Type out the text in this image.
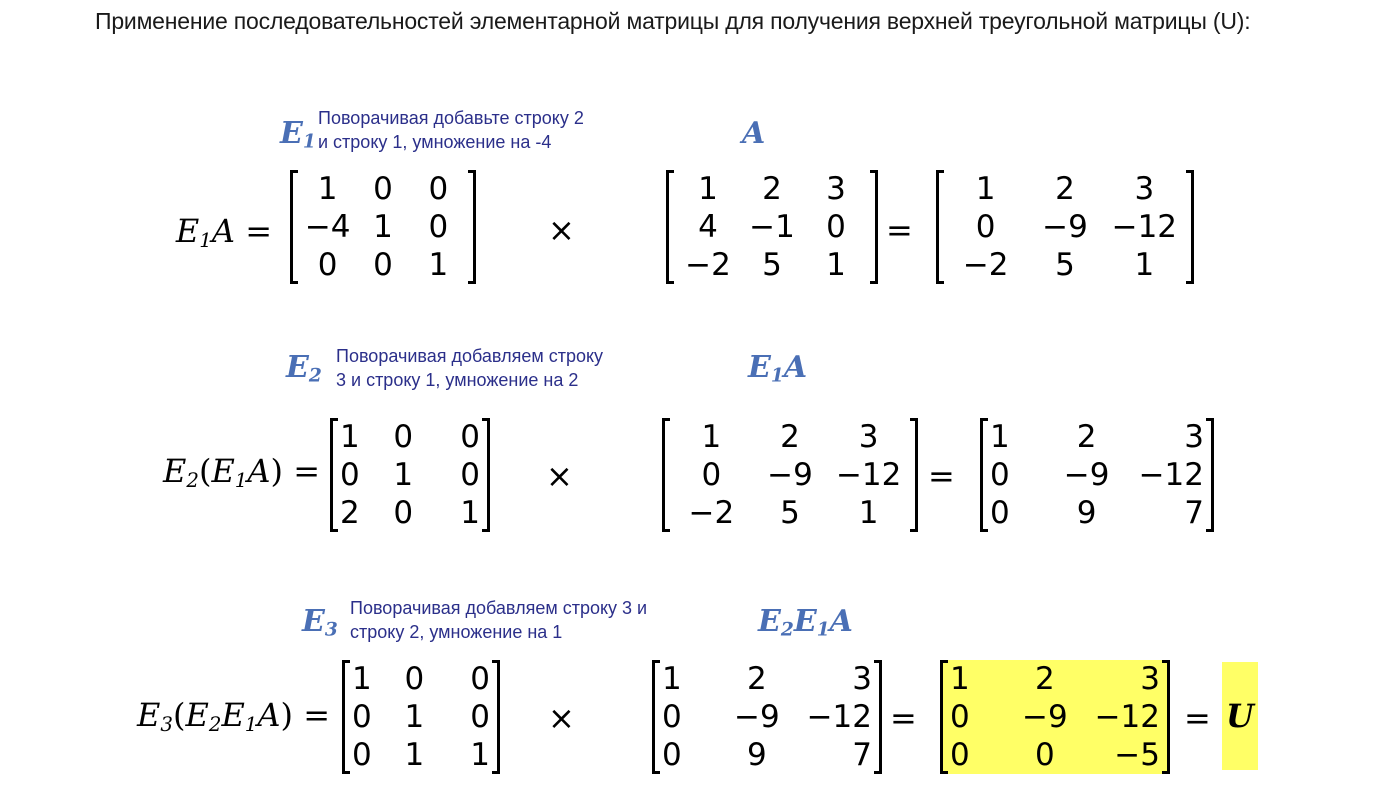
Применение последовательностей элементарной матрицы для получения верхней треугольной матрицы (U):
$E_1$
Поворачивая добавьте строку 2
и строку 1, умножение на -4	A
$E_1A$ =
1	0	0
−4 1	0
0	0	1
×
1	2	3
4	−1	0
−2	5	1
=
1	2	3
0	−9 −12
−2	5	1
$E_2$
Поворачивая добавляем строку
3 и строку 1, умножение на 2	$E_1A$
$E_2(E_1A)$ =
1	0	0
0	1	0
2	0	1
×
1	2	3
0	−9 −12
−2	5	1
=
1	2	3
0	−9 −12
0	9	7
$E_3$
Поворачивая добавляем строку 3 и
строку 2, умножение на 1	$E_2E_1A$
$E_3(E_2E_1A)$ =
1	0	0
0	1	0
0	1	1
×
1	2	3
0	−9 −12
0	9	7
=
1	2	3
0	−9 −12
0	0	−5
= U
